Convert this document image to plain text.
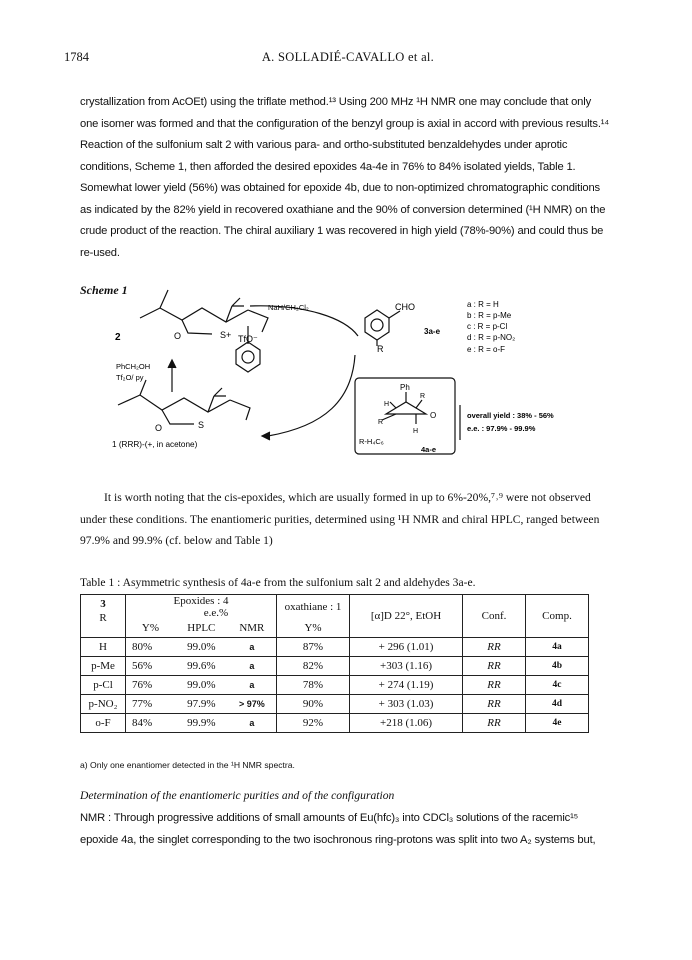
1784	A. SOLLADIÉ-CAVALLO et al.

crystallization from AcOEt) using the triflate method.¹³ Using 200 MHz ¹H NMR one may conclude that only

one isomer was formed and that the configuration of the benzyl group is axial in accord with previous results.¹⁴

Reaction of the sulfonium salt 2 with various para- and ortho-substituted benzaldehydes under aprotic

conditions, Scheme 1, then afforded the desired epoxides 4a-4e in 76% to 84% isolated yields, Table 1.

Somewhat lower yield (56%) was obtained for epoxide 4b, due to non-optimized chromatographic conditions

as indicated by the 82% yield in recovered oxathiane and the 90% of conversion determined (¹H NMR) on the

crude product of the reaction. The chiral auxiliary 1 was recovered in high yield (78%-90%) and could thus be

re-used.

Scheme 1
2	O	S+ TfO⁻
NaH/CH₂Cl₂	CHO
3a-e
R
a : R = H
b : R = p-Me
c : R = p-Cl
d : R = p-NO₂
e : R = o-F
PhCH₂OH
Tf₂O/ py
O	S
1 (RRR)-(+, in acetone)
Ph
H
R
R
O
H
R-H₄C₆
4a-e
overall yield : 38% - 56%
e.e. : 97.9% - 99.9%

It is worth noting that the cis-epoxides, which are usually formed in up to 6%-20%,⁷˒⁹ were not observed

under these conditions. The enantiomeric purities, determined using ¹H NMR and chiral HPLC, ranged between

97.9% and 99.9% (cf. below and Table 1)

Table 1 : Asymmetric synthesis of 4a-e from the sulfonium salt 2 and aldehydes 3a-e.
3
R	Epoxides : 4
e.e.%			oxathiane : 1	[α]D 22°, EtOH	Conf.	Comp.
	Y%	HPLC	NMR	Y%			
H	80%	99.0%	a	87%	+ 296 (1.01)	RR	4a
p-Me	56%	99.6%	a	82%	+303 (1.16)	RR	4b
p-Cl	76%	99.0%	a	78%	+ 274 (1.19)	RR	4c
p-NO₂	77%	97.9%	> 97%	90%	+ 303 (1.03)	RR	4d
o-F	84%	99.9%	a	92%	+218 (1.06)	RR	4e
a) Only one enantiomer detected in the ¹H NMR spectra.
Determination of the enantiomeric purities and of the configuration

NMR : Through progressive additions of small amounts of Eu(hfc)₃ into CDCl₃ solutions of the racemic¹⁵

epoxide 4a, the singlet corresponding to the two isochronous ring-protons was split into two A₂ systems but,
